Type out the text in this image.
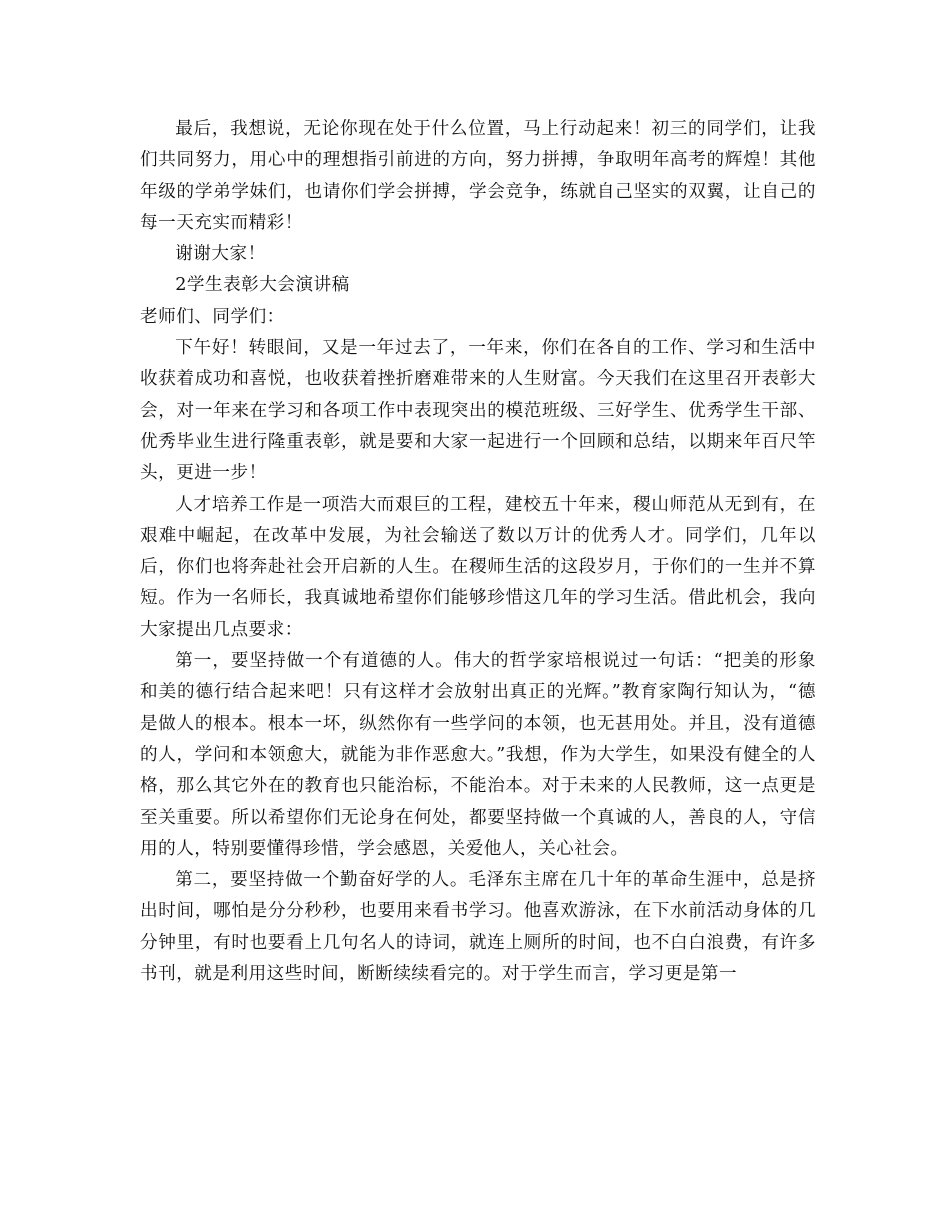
最后，我想说，无论你现在处于什么位置，马上行动起来！初三的同学们，让我们共同努力，用心中的理想指引前进的方向，努力拼搏，争取明年高考的辉煌！其他年级的学弟学妹们，也请你们学会拼搏，学会竞争，练就自己坚实的双翼，让自己的每一天充实而精彩！

谢谢大家！

2学生表彰大会演讲稿

老师们、同学们：

下午好！转眼间，又是一年过去了，一年来，你们在各自的工作、学习和生活中收获着成功和喜悦，也收获着挫折磨难带来的人生财富。今天我们在这里召开表彰大会，对一年来在学习和各项工作中表现突出的模范班级、三好学生、优秀学生干部、优秀毕业生进行隆重表彰，就是要和大家一起进行一个回顾和总结，以期来年百尺竿头，更进一步！

人才培养工作是一项浩大而艰巨的工程，建校五十年来，稷山师范从无到有，在艰难中崛起，在改革中发展，为社会输送了数以万计的优秀人才。同学们，几年以后，你们也将奔赴社会开启新的人生。在稷师生活的这段岁月，于你们的一生并不算短。作为一名师长，我真诚地希望你们能够珍惜这几年的学习生活。借此机会，我向大家提出几点要求：

第一，要坚持做一个有道德的人。伟大的哲学家培根说过一句话：“把美的形象和美的德行结合起来吧！只有这样才会放射出真正的光辉。”教育家陶行知认为，“德是做人的根本。根本一坏，纵然你有一些学问的本领，也无甚用处。并且，没有道德的人，学问和本领愈大，就能为非作恶愈大。”我想，作为大学生，如果没有健全的人格，那么其它外在的教育也只能治标，不能治本。对于未来的人民教师，这一点更是至关重要。所以希望你们无论身在何处，都要坚持做一个真诚的人，善良的人，守信用的人，特别要懂得珍惜，学会感恩，关爱他人，关心社会。

第二，要坚持做一个勤奋好学的人。毛泽东主席在几十年的革命生涯中，总是挤出时间，哪怕是分分秒秒，也要用来看书学习。他喜欢游泳，在下水前活动身体的几分钟里，有时也要看上几句名人的诗词，就连上厕所的时间，也不白白浪费，有许多书刊，就是利用这些时间，断断续续看完的。对于学生而言，学习更是第一
